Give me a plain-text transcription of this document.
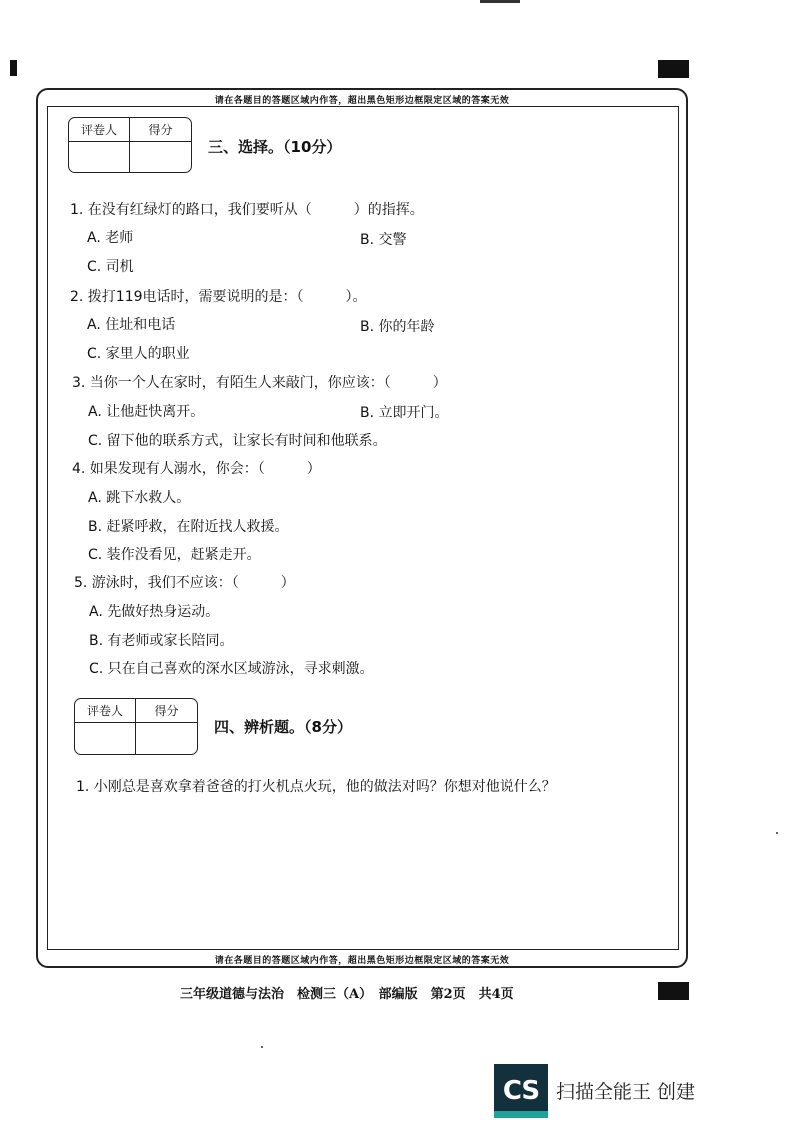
请在各题目的答题区域内作答，超出黑色矩形边框限定区域的答案无效
请在各题目的答题区域内作答，超出黑色矩形边框限定区域的答案无效
评卷人	得分
三、选择。（10分）
1. 在没有红绿灯的路口，我们要听从（　　　）的指挥。
A. 老师	B. 交警
C. 司机
2. 拨打119电话时，需要说明的是：（　　　）。
A. 住址和电话	B. 你的年龄
C. 家里人的职业
3. 当你一个人在家时，有陌生人来敲门，你应该：（　　　）
A. 让他赶快离开。	B. 立即开门。
C. 留下他的联系方式，让家长有时间和他联系。
4. 如果发现有人溺水，你会：（　　　）
A. 跳下水救人。
B. 赶紧呼救，在附近找人救援。
C. 装作没看见，赶紧走开。
5. 游泳时，我们不应该：（　　　）
A. 先做好热身运动。
B. 有老师或家长陪同。
C. 只在自己喜欢的深水区域游泳，寻求刺激。
评卷人	得分
四、辨析题。（8分）
1. 小刚总是喜欢拿着爸爸的打火机点火玩，他的做法对吗？你想对他说什么？
三年级道德与法治　检测三（A）　部编版　第2页　共4页
CS 扫描全能王 创建
